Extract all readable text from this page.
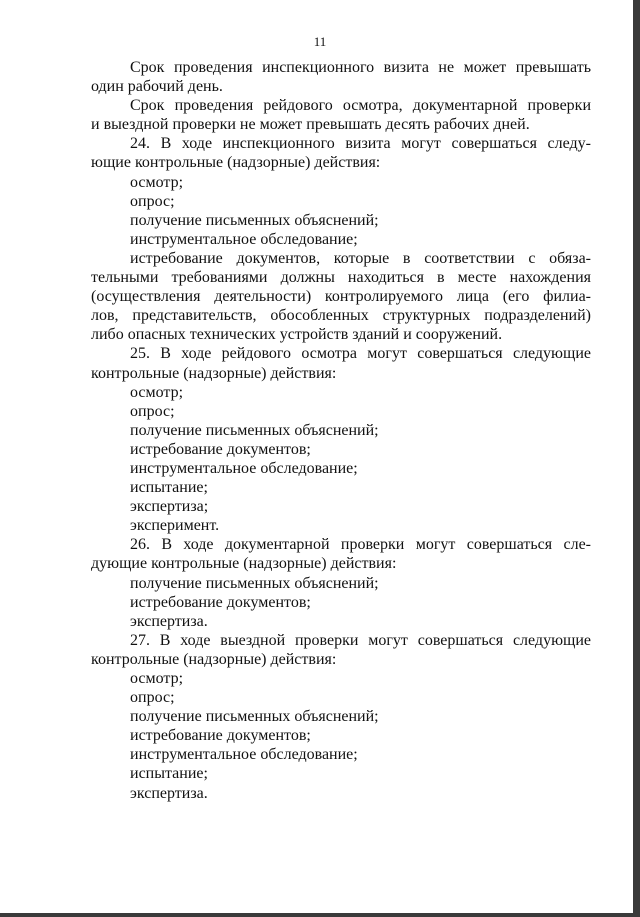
11

Срок проведения инспекционного визита не может превышать

один рабочий день.

Срок проведения рейдового осмотра, документарной проверки

и выездной проверки не может превышать десять рабочих дней.

24. В ходе инспекционного визита могут совершаться следу-

ющие контрольные (надзорные) действия:

осмотр;

опрос;

получение письменных объяснений;

инструментальное обследование;

истребование документов, которые в соответствии с обяза-

тельными требованиями должны находиться в месте нахождения

(осуществления деятельности) контролируемого лица (его филиа-

лов, представительств, обособленных структурных подразделений)

либо опасных технических устройств зданий и сооружений.

25. В ходе рейдового осмотра могут совершаться следующие

контрольные (надзорные) действия:

осмотр;

опрос;

получение письменных объяснений;

истребование документов;

инструментальное обследование;

испытание;

экспертиза;

эксперимент.

26. В ходе документарной проверки могут совершаться сле-

дующие контрольные (надзорные) действия:

получение письменных объяснений;

истребование документов;

экспертиза.

27. В ходе выездной проверки могут совершаться следующие

контрольные (надзорные) действия:

осмотр;

опрос;

получение письменных объяснений;

истребование документов;

инструментальное обследование;

испытание;

экспертиза.
